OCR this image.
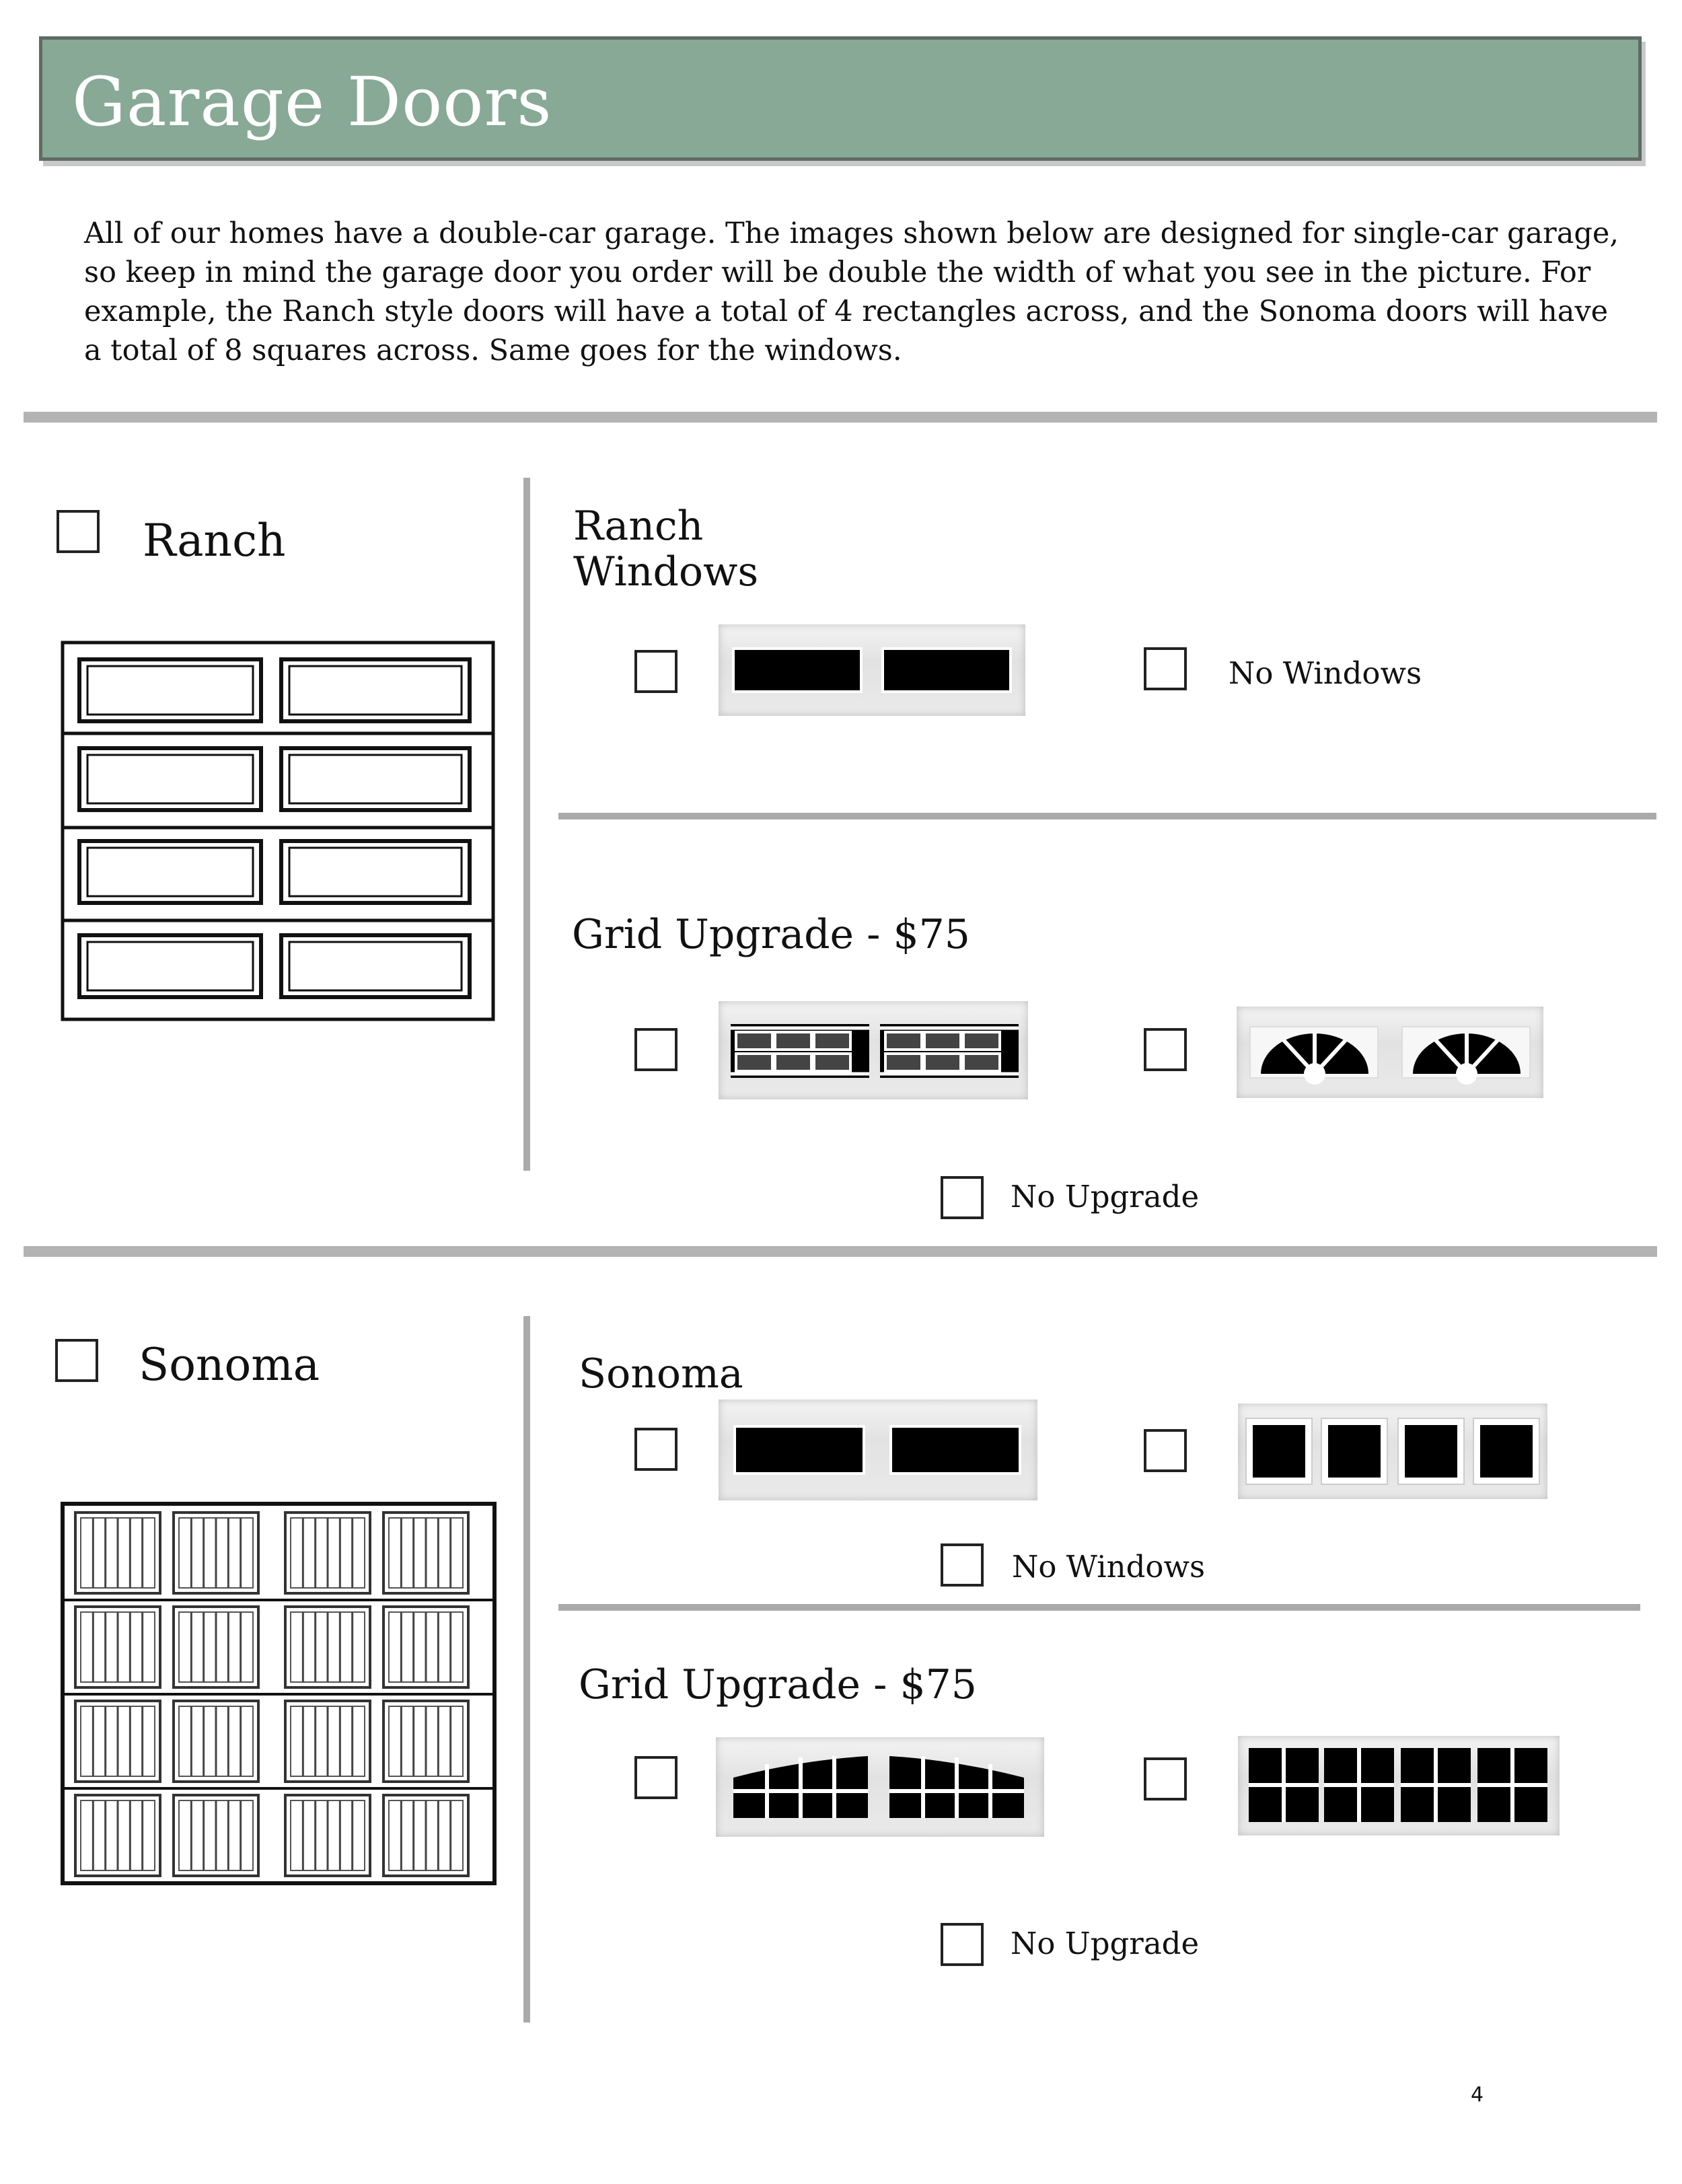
Garage Doors
All of our homes have a double-car garage. The images shown below are designed for single-car garage, so keep in mind the garage door you order will be double the width of what you see in the picture. For example, the Ranch style doors will have a total of 4 rectangles across, and the Sonoma doors will have a total of 8 squares across. Same goes for the windows.
Ranch	Ranch
Windows
No Windows
Grid Upgrade - $75
No Upgrade
Sonoma	Sonoma
No Windows
Grid Upgrade - $75
No Upgrade
4
